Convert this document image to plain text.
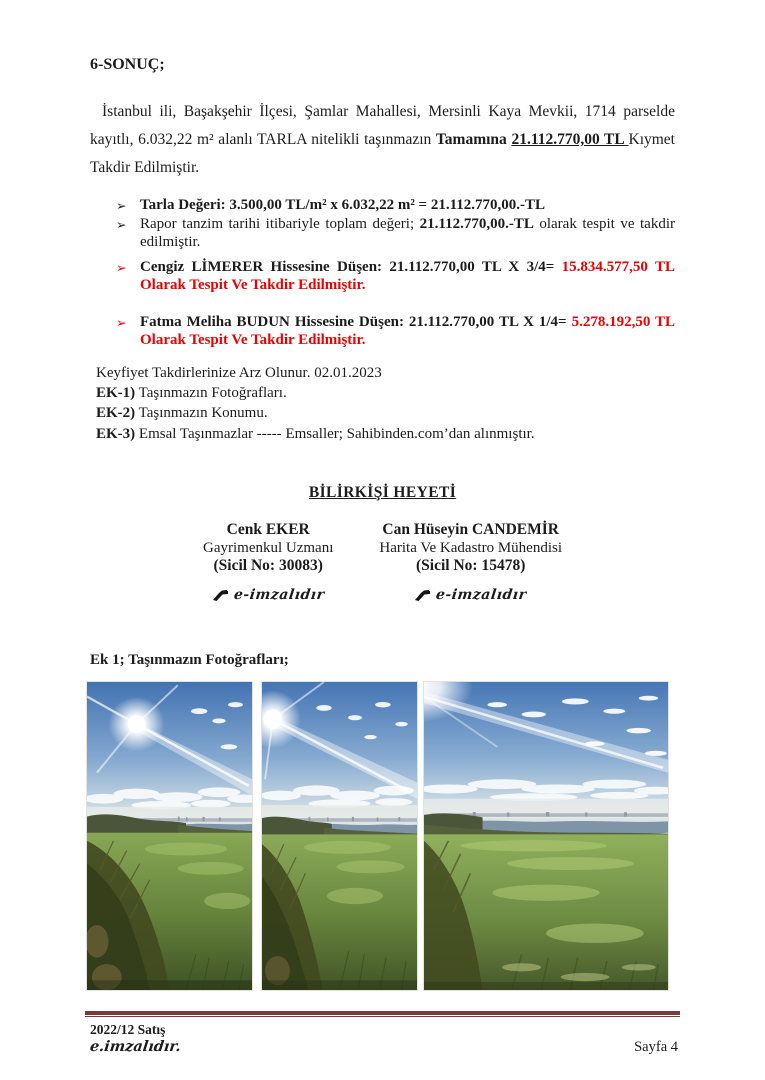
6-SONUÇ;

İstanbul ili, Başakşehir İlçesi, Şamlar Mahallesi, Mersinli Kaya Mevkii, 1714 parselde kayıtlı, 6.032,22 m² alanlı TARLA nitelikli taşınmazın Tamamına 21.112.770,00 TL Kıymet Takdir Edilmiştir.

➢ Tarla Değeri: 3.500,00 TL/m² x 6.032,22 m² = 21.112.770,00.-TL
➢ Rapor tanzim tarihi itibariyle toplam değeri; 21.112.770,00.-TL olarak tespit ve takdir edilmiştir.
➢ Cengiz LİMERER Hissesine Düşen: 21.112.770,00 TL X 3/4= 15.834.577,50 TL Olarak Tespit Ve Takdir Edilmiştir.
➢ Fatma Meliha BUDUN Hissesine Düşen: 21.112.770,00 TL X 1/4= 5.278.192,50 TL Olarak Tespit Ve Takdir Edilmiştir.
Keyfiyet Takdirlerinize Arz Olunur. 02.01.2023
EK-1) Taşınmazın Fotoğrafları.
EK-2) Taşınmazın Konumu.
EK-3) Emsal Taşınmazlar ----- Emsaller; Sahibinden.com’dan alınmıştır.
BİLİRKİŞİ HEYETİ
Cenk EKER
Gayrimenkul Uzmanı
(Sicil No: 30083)
e-imzalıdır
Can Hüseyin CANDEMİR
Harita Ve Kadastro Mühendisi
(Sicil No: 15478)
e-imzalıdır
Ek 1; Taşınmazın Fotoğrafları;
2022/12 Satış
e.imzalıdır.	Sayfa 4
